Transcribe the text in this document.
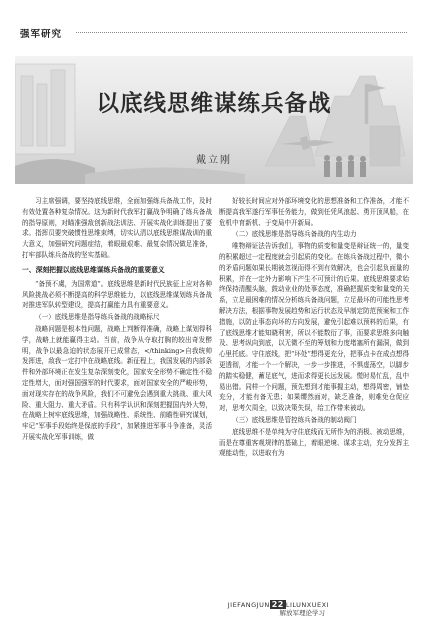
强军研究
以底线思维谋练兵备战
戴立刚

习主席强调，要坚持底线思维，全面加强练兵备战工作，及时有效处置各种复杂情况。这为新时代我军打赢战争明确了练兵备战的指导原则，对瞄准强敌创新战法训法、开展实战化训练提出了要求。指挥员要突破惯性思维束缚，切实认清以底线思维谋战训的重大意义，加强研究问题症结，着眼最艰难、最复杂情况做足准备，打牢部队练兵备战的坚实基础。

一、深刻把握以底线思维谋练兵备战的重要意义

“备预不虞，为国常道”。底线思维是新时代民族征上应对各种风险挑战必须不断提高的科学思维能力，以底线思维谋划练兵备战对推进军队转型建设，提高打赢能力具有重要意义。

（一）底线思维是指导练兵备战的战略标尺

战略问题是根本性问题，战略上判断得准确，战略上谋划得科学，战略上就能赢得主动。当前，战争从夺取打胸的较出奇发醉明，战争以最急迫的状态展开已成常态，</thinking>自我统帅发挥进，敌我一定打中在战略底线。新征程上，我国发展的内部条件和外部环境正在发生复杂深刻变化，国家安全形势不确定性不稳定性增大，面对强国强军的时代要求，面对国家安全的严峻形势，面对现实存在的战争风险，我们不可避免会遇到重大挑战、重大风险、重大阻力、重大矛盾。只有科学认识和深刻把握国内外大势，在战略上树牢底线思维，加强战略性、系统性、前瞻性研究谋划，牢记“军事手段始终是保底的手段”，加紧推进军事斗争准备，灵活开展实战化军事训练，做

好较长时间应对外部环境变化的思想准备和工作准备，才能不断提高我军遂行军事任务能力，做到任凭风浪起、勇开顶风船，在危机中育新机、于变局中开新局。

（二）底线思维是指导练兵备战的内生动力

唯物辩证法告诉我们，事物的质变和量变是辩证统一的，量变的积累超过一定程度就会引起质的变化。在练兵备战过程中，微小的矛盾问题如果长期被忽视而得不到有效解决，也会引起负面量的积累，并在一定外力影响下产生不可预计的后果。底线思维要求始终保持清醒头脑，鼓动业业的处事态度，准确把握质变和量变的关系，立足最困难的情况分析练兵备战问题，立足最坏的可能性思考解决方法，根据事物发展趋势和运行状态及早制定防范预案和工作措施，以防止事态向坏的方向发展，避免引起难以预料的后果，有了底线思维才能知晓利害，所以不能数衍了事，而要求思维多向触及、思考纵向到底，以无微不至的筹划和力度堵塞所有漏洞，做到心里托底。守住底线，把“坏处”想得更充分，把事点卡在成点想得更透彻，才能一个一个解决，一步一步推进，不惧虚荡空，以脚步的踏实稳健，蓄足底气，进而求得更长远发展。慌时易忙乱，乱中易出错。同样一个问题，预先想到才能事握主动，想得周密，铺垫充分，才能有备无患；如果缨然面对，缺乏准备，则难免仓促应对，思考欠周全，以致决策失误，给工作带来被动。

（三）底线思维是管控练兵备战的制动阀门

底线思维不是单纯为守住底线而无所作为的消极、被动思维，而是在尊重客观规律的基础上，着眼逆境、谋求主动，充分发挥主观能动性，以进取有为

JIEFANGJUN 22 LILUNXUEXI
解放军理论学习
